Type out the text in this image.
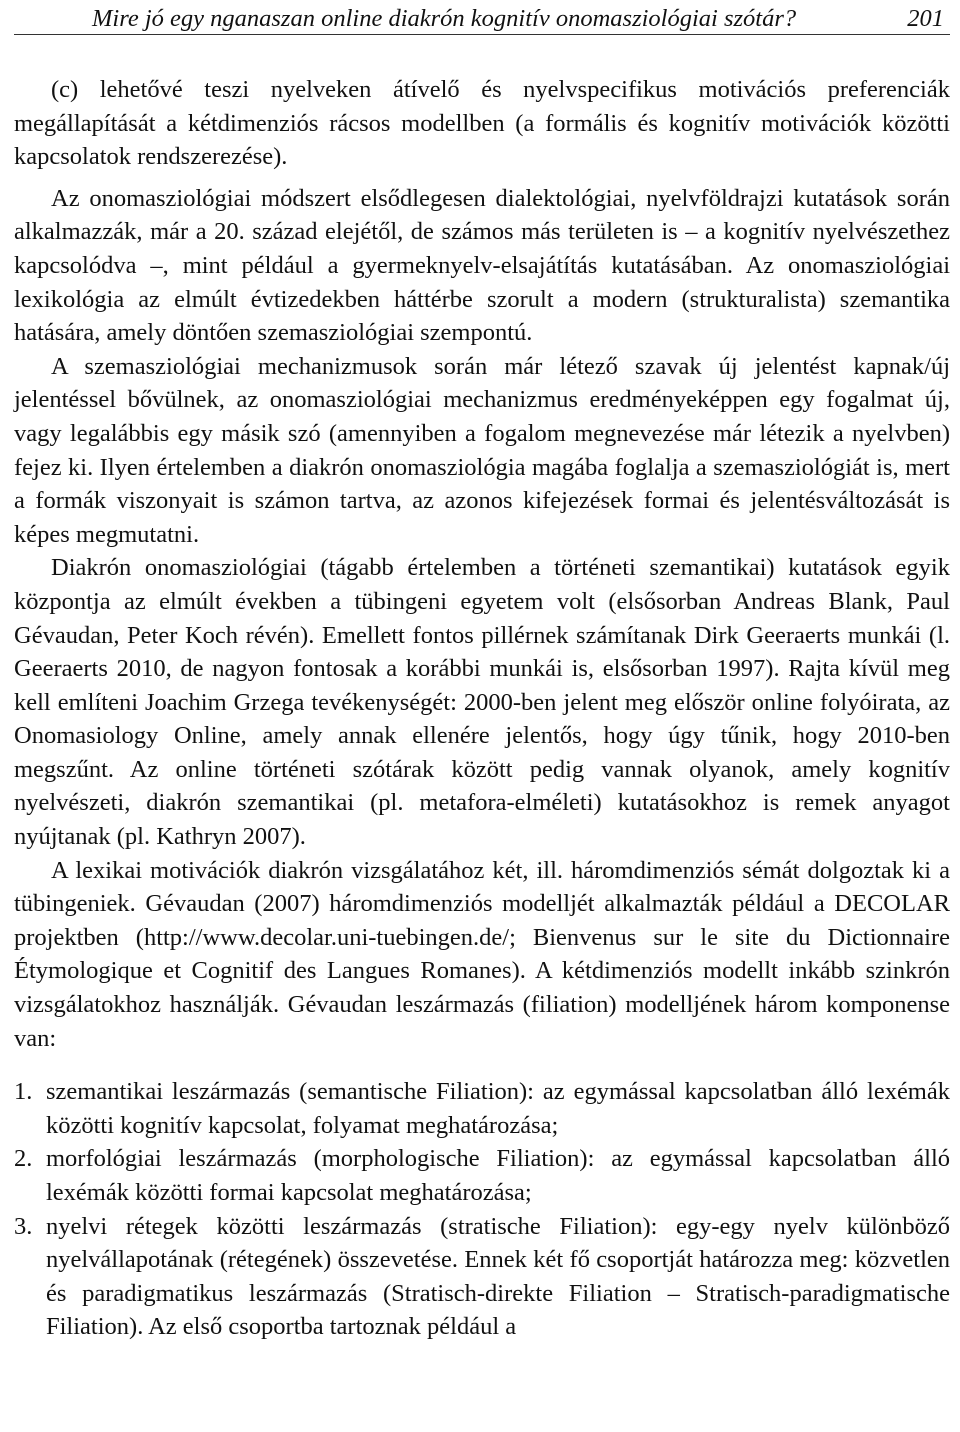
Mire jó egy nganaszan online diakrón kognitív onomasziológiai szótár?	201

(c) lehetővé teszi nyelveken átívelő és nyelvspecifikus motivációs preferenciák megállapítását a kétdimenziós rácsos modellben (a formális és kognitív motivációk közötti kapcsolatok rendszerezése).

Az onomasziológiai módszert elsődlegesen dialektológiai, nyelvföldrajzi kutatások során alkalmazzák, már a 20. század elejétől, de számos más területen is – a kognitív nyelvészethez kapcsolódva –, mint például a gyermeknyelv-elsajátítás kutatásában. Az onomasziológiai lexikológia az elmúlt évtizedekben háttérbe szorult a modern (strukturalista) szemantika hatására, amely döntően szemasziológiai szempontú.

A szemasziológiai mechanizmusok során már létező szavak új jelentést kapnak/új jelentéssel bővülnek, az onomasziológiai mechanizmus eredményeképpen egy fogalmat új, vagy legalábbis egy másik szó (amennyiben a fogalom megnevezése már létezik a nyelvben) fejez ki. Ilyen értelemben a diakrón onomasziológia magába foglalja a szemasziológiát is, mert a formák viszonyait is számon tartva, az azonos kifejezések formai és jelentésváltozását is képes megmutatni.

Diakrón onomasziológiai (tágabb értelemben a történeti szemantikai) kutatások egyik központja az elmúlt években a tübingeni egyetem volt (elsősorban Andreas Blank, Paul Gévaudan, Peter Koch révén). Emellett fontos pillérnek számítanak Dirk Geeraerts munkái (l. Geeraerts 2010, de nagyon fontosak a korábbi munkái is, elsősorban 1997). Rajta kívül meg kell említeni Joachim Grzega tevékenységét: 2000-ben jelent meg először online folyóirata, az Onomasiology Online, amely annak ellenére jelentős, hogy úgy tűnik, hogy 2010-ben megszűnt. Az online történeti szótárak között pedig vannak olyanok, amely kognitív nyelvészeti, diakrón szemantikai (pl. metafora-elméleti) kutatásokhoz is remek anyagot nyújtanak (pl. Kathryn 2007).

A lexikai motivációk diakrón vizsgálatához két, ill. háromdimenziós sémát dolgoztak ki a tübingeniek. Gévaudan (2007) háromdimenziós modelljét alkalmazták például a DECOLAR projektben (http://www.decolar.uni-tuebingen.de/; Bienvenus sur le site du Dictionnaire Étymologique et Cognitif des Langues Romanes). A kétdimenziós modellt inkább szinkrón vizsgálatokhoz használják. Gévaudan leszármazás (filiation) modelljének három komponense van:

1. szemantikai leszármazás (semantische Filiation): az egymással kapcsolatban álló lexémák közötti kognitív kapcsolat, folyamat meghatározása;
2. morfológiai leszármazás (morphologische Filiation): az egymással kapcsolatban álló lexémák közötti formai kapcsolat meghatározása;
3. nyelvi rétegek közötti leszármazás (stratische Filiation): egy-egy nyelv különböző nyelvállapotának (rétegének) összevetése. Ennek két fő csoportját határozza meg: közvetlen és paradigmatikus leszármazás (Stratisch-direkte Filiation – Stratisch-paradigmatische Filiation). Az első csoportba tartoznak például a
